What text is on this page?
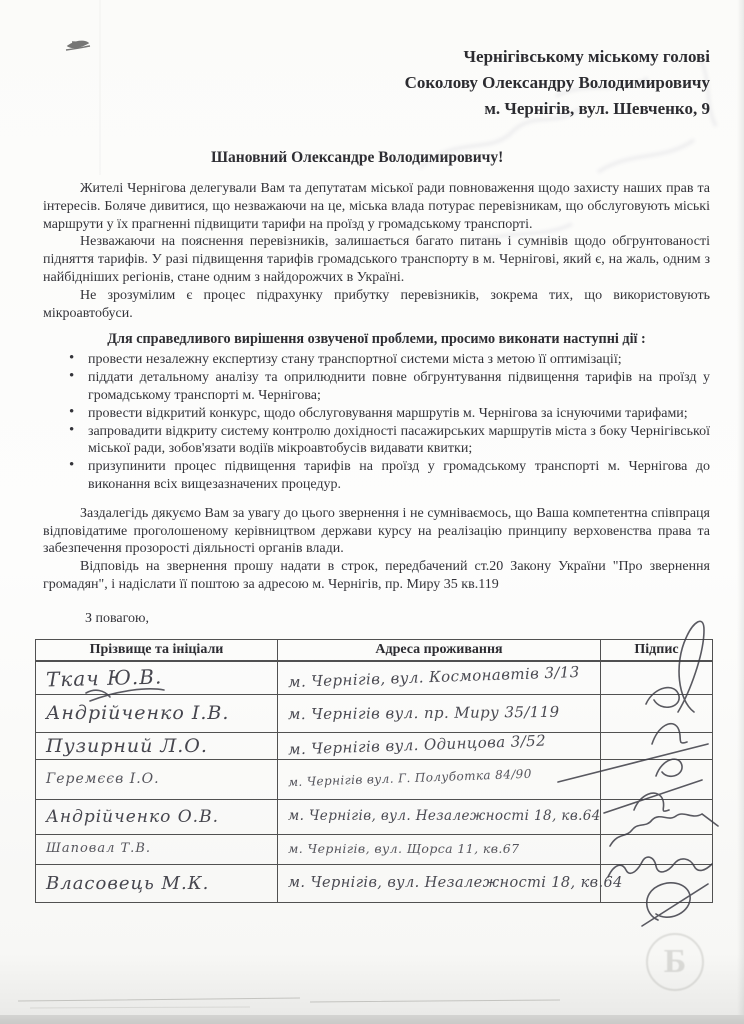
Чернігівському міському голові
Соколову Олександру Володимировичу
м. Чернігів, вул. Шевченко, 9
Шановний Олександре Володимировичу!

Жителі Чернігова делегували Вам та депутатам міської ради повноваження щодо захисту наших прав та інтересів. Боляче дивитися, що незважаючи на це, міська влада потурає перевізникам, що обслуговують міські маршрути у їх прагненні підвищити тарифи на проїзд у громадському транспорті.

Незважаючи на пояснення перевізників, залишається багато питань і сумнівів щодо обгрунтованості підняття тарифів. У разі підвищення тарифів громадського транспорту в м. Чернігові, який є, на жаль, одним з найбідніших регіонів, стане одним з найдорожчих в Україні.

Не зрозумілим є процес підрахунку прибутку перевізників, зокрема тих, що використовують мікроавтобуси.

Для справедливого вирішення озвученої проблеми, просимо виконати наступні дії :
• провести незалежну експертизу стану транспортної системи міста з метою її оптимізації;
• піддати детальному аналізу та оприлюднити повне обгрунтування підвищення тарифів на проїзд у громадському транспорті м. Чернігова;
• провести відкритий конкурс, щодо обслуговування маршрутів м. Чернігова за існуючими тарифами;
• запровадити відкриту систему контролю дохідності пасажирських маршрутів міста з боку Чернігівської міської ради, зобов'язати водіїв мікроавтобусів видавати квитки;
• призупинити процес підвищення тарифів на проїзд у громадському транспорті м. Чернігова до виконання всіх вищезазначених процедур.

Заздалегідь дякуємо Вам за увагу до цього звернення і не сумніваємось, що Ваша компетентна співпраця відповідатиме проголошеному керівництвом держави курсу на реалізацію принципу верховенства права та забезпечення прозорості діяльності органів влади.

Відповідь на звернення прошу надати в строк, передбачений ст.20 Закону України "Про звернення громадян", і надіслати її поштою за адресою м. Чернігів, пр. Миру 35 кв.119

З повагою,
Прізвище та ініціали	Адреса проживання	Підпис
Ткач Ю.В.	м. Чернігів, вул. Космонавтів 3/13	
Андрійченко І.В.	м. Чернігів вул. пр. Миру 35/119	
Пузирний Л.О.	м. Чернігів вул. Одинцова 3/52	
Геремєєв І.О.	м. Чернігів вул. Г. Полуботка 84/90	
Андрійченко О.В.	м. Чернігів, вул. Незалежності 18, кв.64	
Шаповал Т.В.	м. Чернігів, вул. Щорса 11, кв.67	
Власовець М.К.	м. Чернігів, вул. Незалежності 18, кв.64	
Б
